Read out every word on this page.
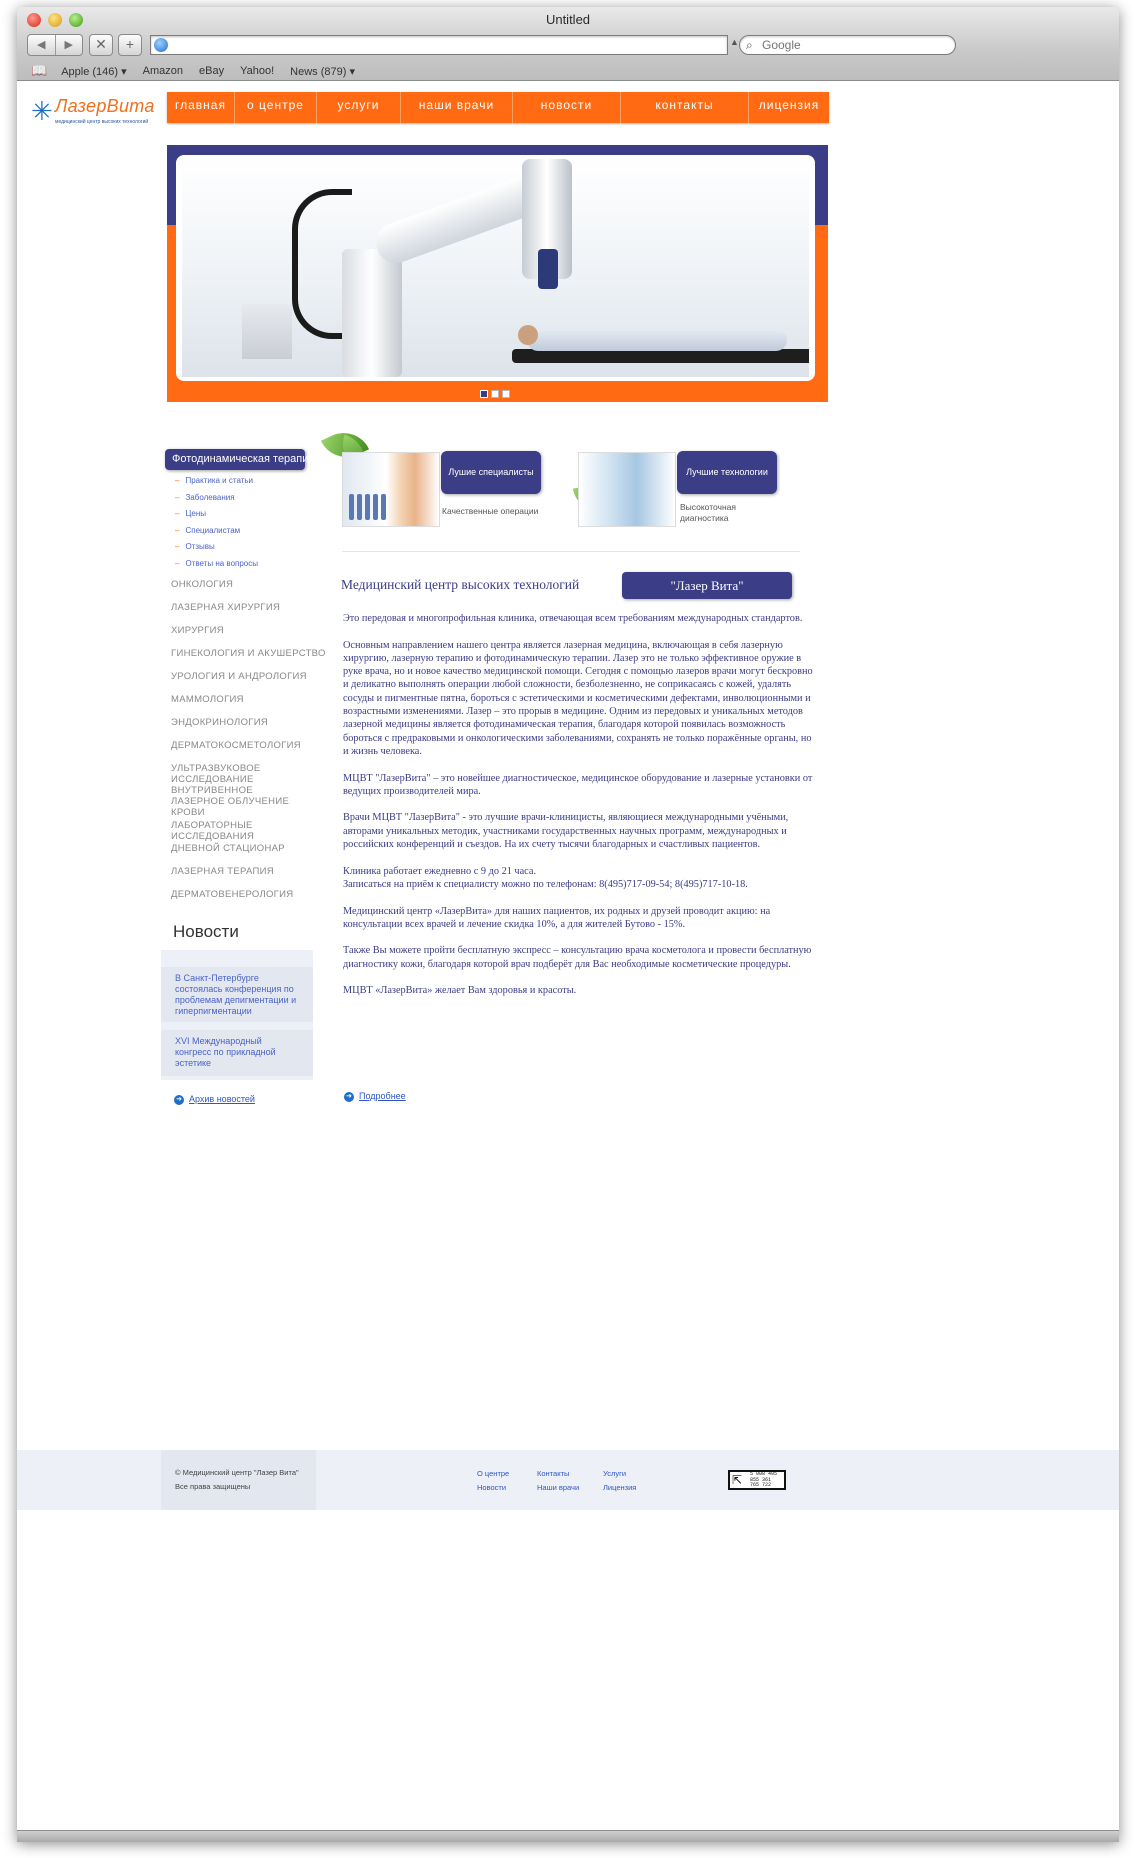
Untitled
◀	▶	✕	+	▲ ⌕
Google
📖 Apple (146) ▾ Amazon eBay Yahoo! News (879) ▾
✳ ЛазерВита
медицинский центр высоких технологий
главная	о центре	услуги	наши врачи	новости	контакты	лицензия
Фотодинамическая терапия
– Практика и статьи
– Заболевания
– Цены
– Специалистам
– Отзывы
– Ответы на вопросы
ОНКОЛОГИЯ
ЛАЗЕРНАЯ ХИРУРГИЯ
ХИРУРГИЯ
ГИНЕКОЛОГИЯ И АКУШЕРСТВО
УРОЛОГИЯ И АНДРОЛОГИЯ
МАММОЛОГИЯ
ЭНДОКРИНОЛОГИЯ
ДЕРМАТОКОСМЕТОЛОГИЯ
УЛЬТРАЗВУКОВОЕ ИССЛЕДОВАНИЕ
ВНУТРИВЕННОЕ ЛАЗЕРНОЕ ОБЛУЧЕНИЕ КРОВИ
ЛАБОРАТОРНЫЕ ИССЛЕДОВАНИЯ
ДНЕВНОЙ СТАЦИОНАР
ЛАЗЕРНАЯ ТЕРАПИЯ
ДЕРМАТОВЕНЕРОЛОГИЯ
Новости
В Санкт-Петербурге состоялась конференция по проблемам депигментации и гиперпигментации
XVI Международный конгресс по прикладной эстетике
➜ Архив новостей
Лушие специалисты
Качественные операции
Лучшие технологии
Высокоточная диагностика
Медицинский центр высоких технологий	"Лазер Вита"

Это передовая и многопрофильная клиника, отвечающая всем требованиям международных стандартов.

Основным направлением нашего центра является лазерная медицина, включающая в себя лазерную хирургию, лазерную терапию и фотодинамическую терапии. Лазер это не только эффективное оружие в руке врача, но и новое качество медицинской помощи. Сегодня с помощью лазеров врачи могут бескровно и деликатно выполнять операции любой сложности, безболезненно, не соприкасаясь с кожей, удалять сосуды и пигментные пятна, бороться с эстетическими и косметическими дефектами, инволюционными и возрастными изменениями. Лазер – это прорыв в медицине. Одним из передовых и уникальных методов лазерной медицины является фотодинамическая терапия, благодаря которой появилась возможность бороться с предраковыми и онкологическими заболеваниями, сохранять не только поражённые органы, но и жизнь человека.

МЦВТ "ЛазерВита" – это новейшее диагностическое, медицинское оборудование и лазерные установки от ведущих производителей мира.

Врачи МЦВТ "ЛазерВита" - это лучшие врачи-клиницисты, являющиеся международными учёными, авторами уникальных методик, участниками государственных научных программ, международных и российских конференций и съездов. На их счету тысячи благодарных и счастливых пациентов.

Клиника работает ежедневно с 9 до 21 часа.
Записаться на приём к специалисту можно по телефонам: 8(495)717-09-54; 8(495)717-10-18.

Медицинский центр «ЛазерВита» для наших пациентов, их родных и друзей проводит акцию: на консультации всех врачей и лечение скидка 10%, а для жителей Бутово - 15%.

Также Вы можете пройти бесплатную экспресс – консультацию врача косметолога и провести бесплатную диагностику кожи, благодаря которой врач подберёт для Вас необходимые косметические процедуры.

МЦВТ «ЛазерВита» желает Вам здоровья и красоты.

➜ Подробнее
© Медицинский центр "Лазер Вита"
Все права защищены
О центре
Новости
Контакты
Наши врачи
Услуги
Лицензия
⇱ 5 008 495
855 361
765 722
